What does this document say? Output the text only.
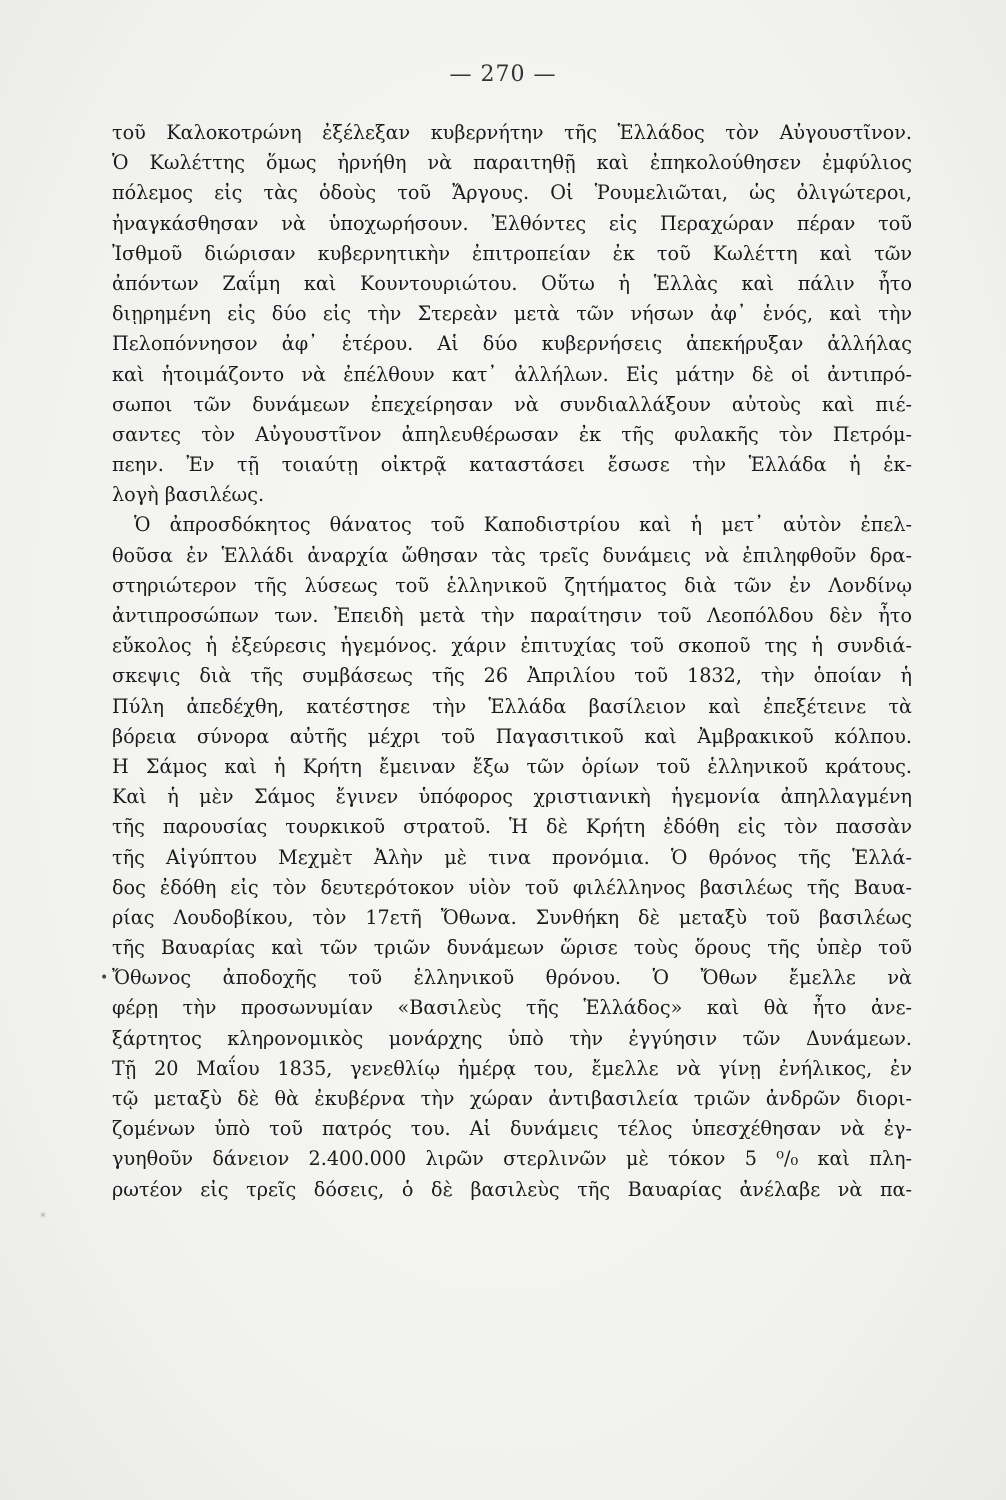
— 270 —
τοῦ Καλοκοτρώνη ἐξέλεξαν κυβερνήτην τῆς Ἑλλάδος τὸν Αὐγουστῖνον.
Ὁ Κωλέττης ὅμως ἠρνήθη νὰ παραιτηθῇ καὶ ἐπηκολούθησεν ἐμφύλιος
πόλεμος εἰς τὰς ὁδοὺς τοῦ Ἄργους. Οἱ Ῥουμελιῶται, ὡς ὀλιγώτεροι,
ἠναγκάσθησαν νὰ ὑποχωρήσουν. Ἐλθόντες εἰς Περαχώραν πέραν τοῦ
Ἰσθμοῦ διώρισαν κυβερνητικὴν ἐπιτροπείαν ἐκ τοῦ Κωλέττη καὶ τῶν
ἀπόντων Ζαΐμη καὶ Κουντουριώτου. Οὕτω ἡ Ἑλλὰς καὶ πάλιν ἦτο
διῃρημένη εἰς δύο εἰς τὴν Στερεὰν μετὰ τῶν νήσων ἀφ᾽ ἑνός, καὶ τὴν
Πελοπόννησον ἀφ᾽ ἑτέρου. Αἱ δύο κυβερνήσεις ἀπεκήρυξαν ἀλλήλας
καὶ ἡτοιμάζοντο νὰ ἐπέλθουν κατ᾽ ἀλλήλων. Εἰς μάτην δὲ οἱ ἀντιπρό-
σωποι τῶν δυνάμεων ἐπεχείρησαν νὰ συνδιαλλάξουν αὐτοὺς καὶ πιέ-
σαντες τὸν Αὐγουστῖνον ἀπηλευθέρωσαν ἐκ τῆς φυλακῆς τὸν Πετρόμ-
πεην. Ἐν τῇ τοιαύτῃ οἰκτρᾷ καταστάσει ἔσωσε τὴν Ἑλλάδα ἡ ἐκ-
λογὴ βασιλέως.
Ὁ ἀπροσδόκητος θάνατος τοῦ Καποδιστρίου καὶ ἡ μετ᾽ αὐτὸν ἐπελ-
θοῦσα ἐν Ἑλλάδι ἀναρχία ὤθησαν τὰς τρεῖς δυνάμεις νὰ ἐπιληφθοῦν δρα-
στηριώτερον τῆς λύσεως τοῦ ἑλληνικοῦ ζητήματος διὰ τῶν ἐν Λονδίνῳ
ἀντιπροσώπων των. Ἐπειδὴ μετὰ τὴν παραίτησιν τοῦ Λεοπόλδου δὲν ἦτο
εὔκολος ἡ ἐξεύρεσις ἡγεμόνος. χάριν ἐπιτυχίας τοῦ σκοποῦ της ἡ συνδιά-
σκεψις διὰ τῆς συμβάσεως τῆς 26 Ἀπριλίου τοῦ 1832, τὴν ὁποίαν ἡ
Πύλη ἀπεδέχθη, κατέστησε τὴν Ἑλλάδα βασίλειον καὶ ἐπεξέτεινε τὰ
βόρεια σύνορα αὐτῆς μέχρι τοῦ Παγασιτικοῦ καὶ Ἀμβρακικοῦ κόλπου.
Η Σάμος καὶ ἡ Κρήτη ἔμειναν ἔξω τῶν ὁρίων τοῦ ἑλληνικοῦ κράτους.
Καὶ ἡ μὲν Σάμος ἔγινεν ὑπόφορος χριστιανικὴ ἡγεμονία ἀπηλλαγμένη
τῆς παρουσίας τουρκικοῦ στρατοῦ. Ἡ δὲ Κρήτη ἐδόθη εἰς τὸν πασσὰν
τῆς Αἰγύπτου Μεχμὲτ Ἀλὴν μὲ τινα προνόμια. Ὁ θρόνος τῆς Ἑλλά-
δος ἐδόθη εἰς τὸν δευτερότοκον υἱὸν τοῦ φιλέλληνος βασιλέως τῆς Βαυα-
ρίας Λουδοβίκου, τὸν 17ετῆ Ὄθωνα. Συνθήκη δὲ μεταξὺ τοῦ βασιλέως
τῆς Βαυαρίας καὶ τῶν τριῶν δυνάμεων ὥρισε τοὺς ὅρους τῆς ὑπὲρ τοῦ
Ὄθωνος ἀποδοχῆς τοῦ ἑλληνικοῦ θρόνου. Ὁ Ὄθων ἔμελλε νὰ
φέρῃ τὴν προσωνυμίαν «Βασιλεὺς τῆς Ἑλλάδος» καὶ θὰ ἦτο ἀνε-
ξάρτητος κληρονομικὸς μονάρχης ὑπὸ τὴν ἐγγύησιν τῶν Δυνάμεων.
Τῇ 20 Μαΐου 1835, γενεθλίῳ ἡμέρᾳ του, ἔμελλε νὰ γίνῃ ἐνήλικος, ἐν
τῷ μεταξὺ δὲ θὰ ἐκυβέρνα τὴν χώραν ἀντιβασιλεία τριῶν ἀνδρῶν διορι-
ζομένων ὑπὸ τοῦ πατρός του. Αἱ δυνάμεις τέλος ὑπεσχέθησαν νὰ ἐγ-
γυηθοῦν δάνειον 2.400.000 λιρῶν στερλινῶν μὲ τόκον 5 ⁰/₀ καὶ πλη-
ρωτέον εἰς τρεῖς δόσεις, ὁ δὲ βασιλεὺς τῆς Βαυαρίας ἀνέλαβε νὰ πα-
•
*
